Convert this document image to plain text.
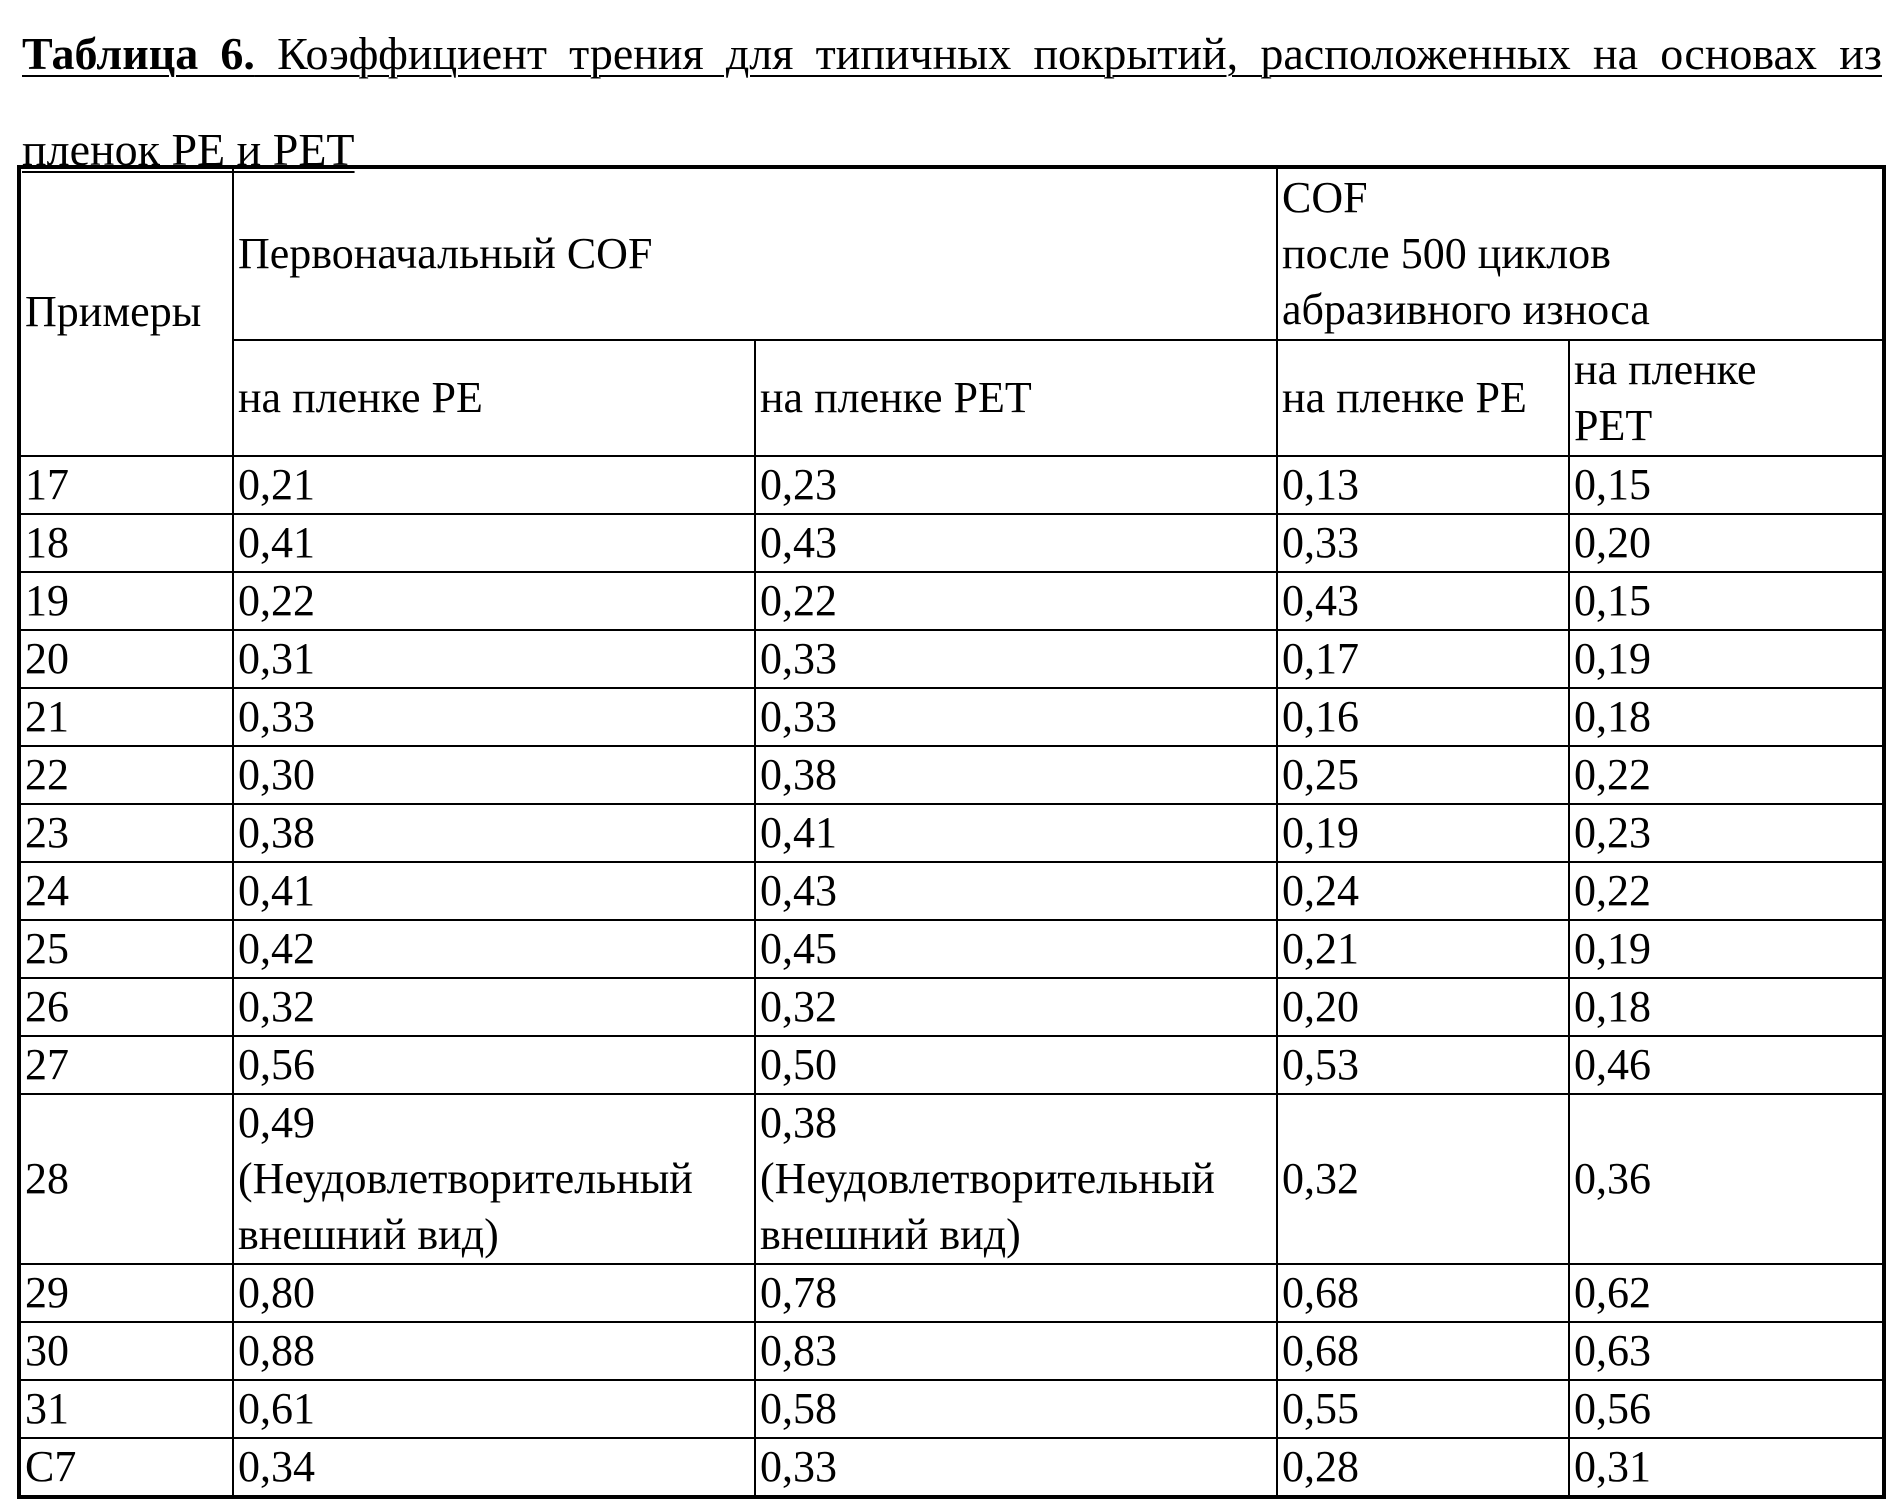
Таблица 6. Коэффициент трения для типичных покрытий, расположенных на основах из пленок PE и PET

Примеры	Первоначальный COF		COF
после 500 циклов
абразивного износа	

	на пленке PE	на пленке PET	на пленке PE	на пленке
PET

17	0,21	0,23	0,13	0,15
18	0,41	0,43	0,33	0,20
19	0,22	0,22	0,43	0,15
20	0,31	0,33	0,17	0,19
21	0,33	0,33	0,16	0,18
22	0,30	0,38	0,25	0,22
23	0,38	0,41	0,19	0,23
24	0,41	0,43	0,24	0,22
25	0,42	0,45	0,21	0,19
26	0,32	0,32	0,20	0,18
27	0,56	0,50	0,53	0,46
28	0,49
(Неудовлетворительный
внешний вид)	0,38
(Неудовлетворительный
внешний вид)	0,32	0,36
29	0,80	0,78	0,68	0,62
30	0,88	0,83	0,68	0,63
31	0,61	0,58	0,55	0,56
C7	0,34	0,33	0,28	0,31
